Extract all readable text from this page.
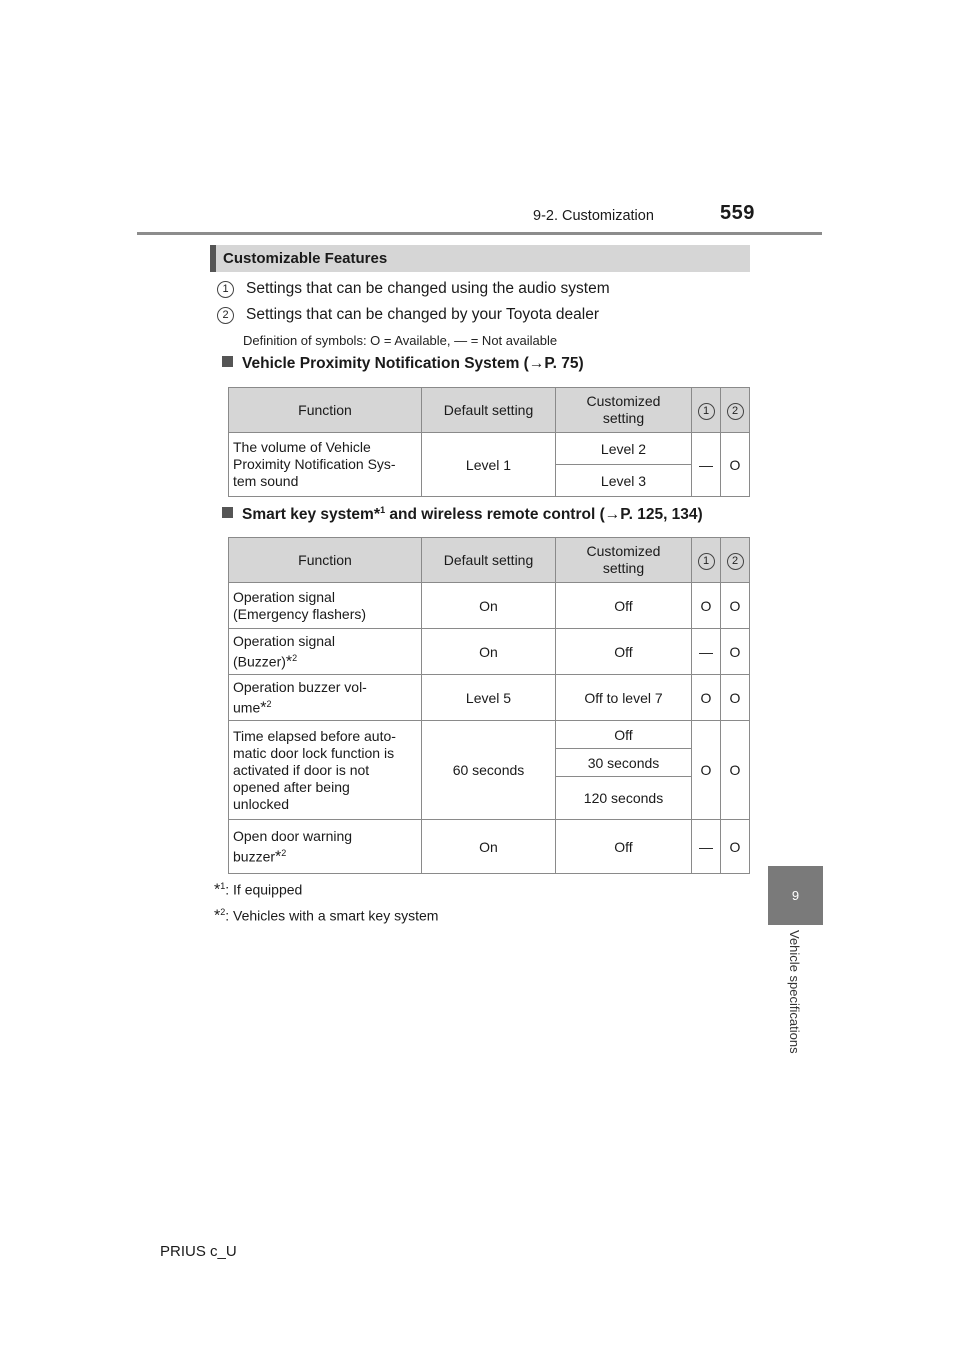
9-2. Customization	559
9
Vehicle specifications
Customizable Features
1	Settings that can be changed using the audio system
2	Settings that can be changed by your Toyota dealer
Definition of symbols: O = Available, — = Not available
Vehicle Proximity Notification System (→P. 75)
Function	Default setting	Customized
setting	1	2
The volume of Vehicle
Proximity Notification Sys-
tem sound	Level 1	Level 2	—	O
		Level 3		
Smart key system*$^1$ and wireless remote control (→P. 125, 134)
Function	Default setting	Customized
setting	1	2
Operation signal
(Emergency flashers)	On	Off	O	O
Operation signal
(Buzzer)*$^2$	On	Off	—	O
Operation buzzer vol-
ume*$^2$	Level 5	Off to level 7	O	O
Time elapsed before auto-
matic door lock function is
activated if door is not
opened after being
unlocked	60 seconds	Off	O	O
		30 seconds		
		120 seconds		
Open door warning
buzzer*$^2$	On	Off	—	O
*$^1$: If equipped
*$^2$: Vehicles with a smart key system
PRIUS c_U
